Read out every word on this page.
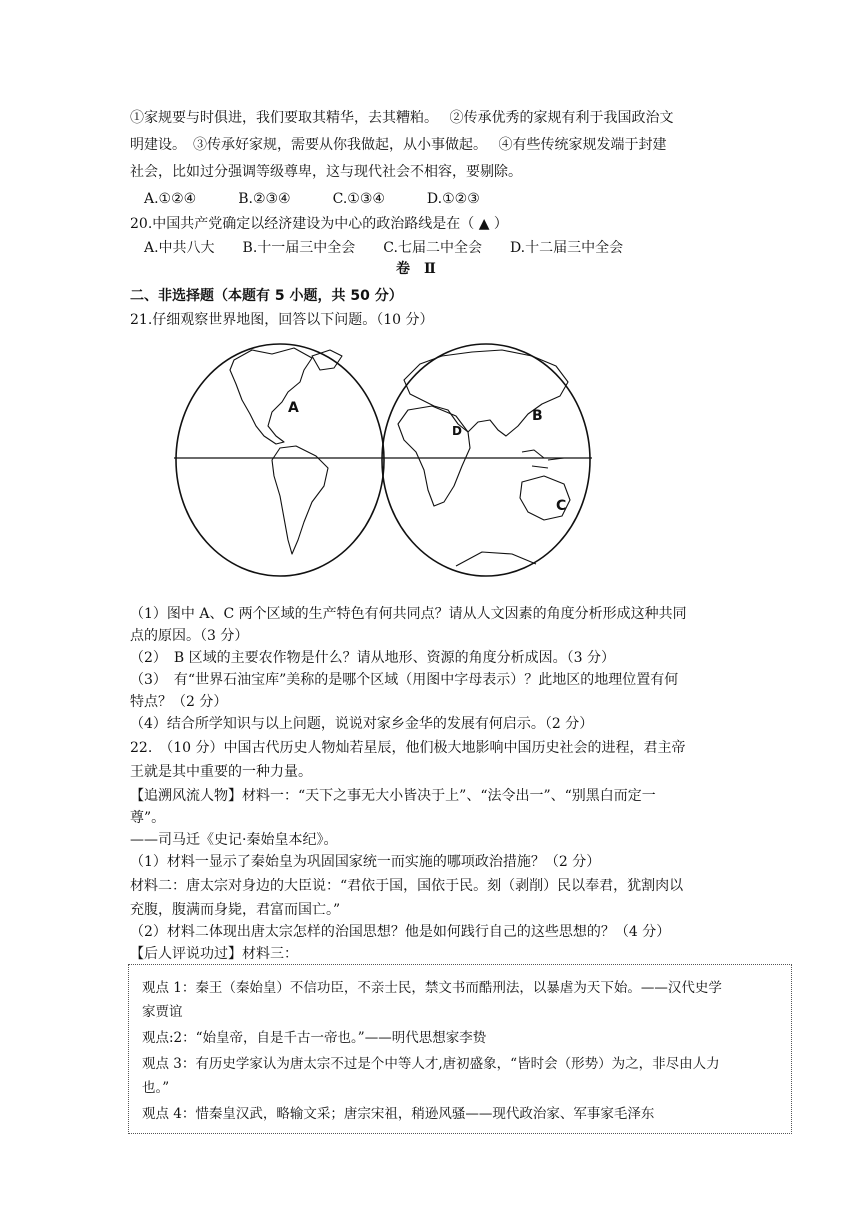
①家规要与时俱进，我们要取其精华，去其糟粕。　 ②传承优秀的家规有利于我国政治文
明建设。　③传承好家规，需要从你我做起，从小事做起。　 ④有些传统家规发端于封建
社会，比如过分强调等级尊卑，这与现代社会不相容，要剔除。
A.①②④　　　B.②③④　　　C.①③④　　　D.①②③
20.中国共产党确定以经济建设为中心的政治路线是在（ ▲ ）
A.中共八大　　B.十一届三中全会　　C.七届二中全会　　D.十二届三中全会
卷　Ⅱ
二、非选择题（本题有 5 小题，共 50 分）
21.仔细观察世界地图，回答以下问题。（10 分）
A	B
D
C
（1）图中 A、C 两个区域的生产特色有何共同点？请从人文因素的角度分析形成这种共同
点的原因。（3 分）
（2）　B 区域的主要农作物是什么？请从地形、资源的角度分析成因。（3 分）
（3）　有“世界石油宝库”美称的是哪个区域（用图中字母表示）？此地区的地理位置有何
特点？（2 分）
（4）结合所学知识与以上问题，说说对家乡金华的发展有何启示。（2 分）
22.　（10 分）中国古代历史人物灿若星辰，他们极大地影响中国历史社会的进程，君主帝
王就是其中重要的一种力量。
【追溯风流人物】材料一：“天下之事无大小皆决于上”、“法令出一”、“别黑白而定一
尊”。
——司马迁《史记·秦始皇本纪》。
（1）材料一显示了秦始皇为巩固国家统一而实施的哪项政治措施？（2 分）
材料二：唐太宗对身边的大臣说：“君依于国，国依于民。刻（剥削）民以奉君，犹割肉以
充腹，腹满而身毙，君富而国亡。”
（2）材料二体现出唐太宗怎样的治国思想？他是如何践行自己的这些思想的？（4 分）
【后人评说功过】材料三：
观点 1：秦王（秦始皇）不信功臣，不亲士民，禁文书而酷刑法，以暴虐为天下始。——汉代史学
家贾谊
观点:2：“始皇帝，自是千古一帝也。”——明代思想家李贽
观点 3：有历史学家认为唐太宗不过是个中等人才,唐初盛象，“皆时会（形势）为之，非尽由人力
也。”
观点 4：惜秦皇汉武，略输文采；唐宗宋祖，稍逊风骚——现代政治家、军事家毛泽东
